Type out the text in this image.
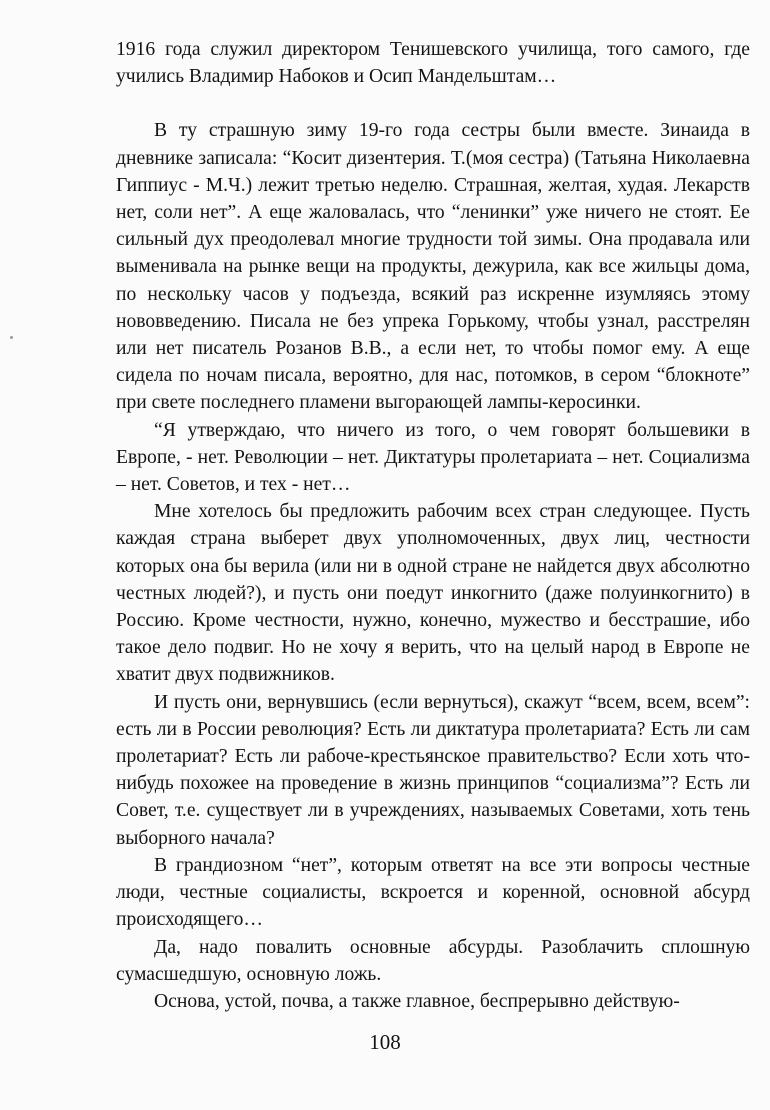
1916 года служил директором Тенишевского училища, того самого, где учились Владимир Набоков и Осип Мандельштам…

В ту страшную зиму 19-го года сестры были вместе. Зинаида в дневнике записала: “Косит дизентерия. Т.(моя сестра) (Татьяна Николаевна Гиппиус - М.Ч.) лежит третью неделю. Страшная, желтая, худая. Лекарств нет, соли нет”. А еще жаловалась, что “ленинки” уже ничего не стоят. Ее сильный дух преодолевал многие трудности той зимы. Она продавала или выменивала на рынке вещи на продукты, дежурила, как все жильцы дома, по нескольку часов у подъезда, всякий раз искренне изумляясь этому нововведению. Писала не без упрека Горькому, чтобы узнал, расстрелян или нет писатель Розанов В.В., а если нет, то чтобы помог ему. А еще сидела по ночам писала, вероятно, для нас, потомков, в сером “блокноте” при свете последнего пламени выгорающей лампы-керосинки.

“Я утверждаю, что ничего из того, о чем говорят большевики в Европе, - нет. Революции – нет. Диктатуры пролетариата – нет. Социализма – нет. Советов, и тех - нет…

Мне хотелось бы предложить рабочим всех стран следующее. Пусть каждая страна выберет двух уполномоченных, двух лиц, честности которых она бы верила (или ни в одной стране не найдется двух абсолютно честных людей?), и пусть они поедут инкогнито (даже полуинкогнито) в Россию. Кроме честности, нужно, конечно, мужество и бесстрашие, ибо такое дело подвиг. Но не хочу я верить, что на целый народ в Европе не хватит двух подвижников.

И пусть они, вернувшись (если вернуться), скажут “всем, всем, всем”: есть ли в России революция? Есть ли диктатура пролетариата? Есть ли сам пролетариат? Есть ли рабоче-крестьянское правительство? Если хоть что-нибудь похожее на проведение в жизнь принципов “социализма”? Есть ли Совет, т.е. существует ли в учреждениях, называемых Советами, хоть тень выборного начала?

В грандиозном “нет”, которым ответят на все эти вопросы честные люди, честные социалисты, вскроется и коренной, основной абсурд происходящего…

Да, надо повалить основные абсурды. Разоблачить сплошную сумасшедшую, основную ложь.

Основа, устой, почва, а также главное, беспрерывно действую-

108
